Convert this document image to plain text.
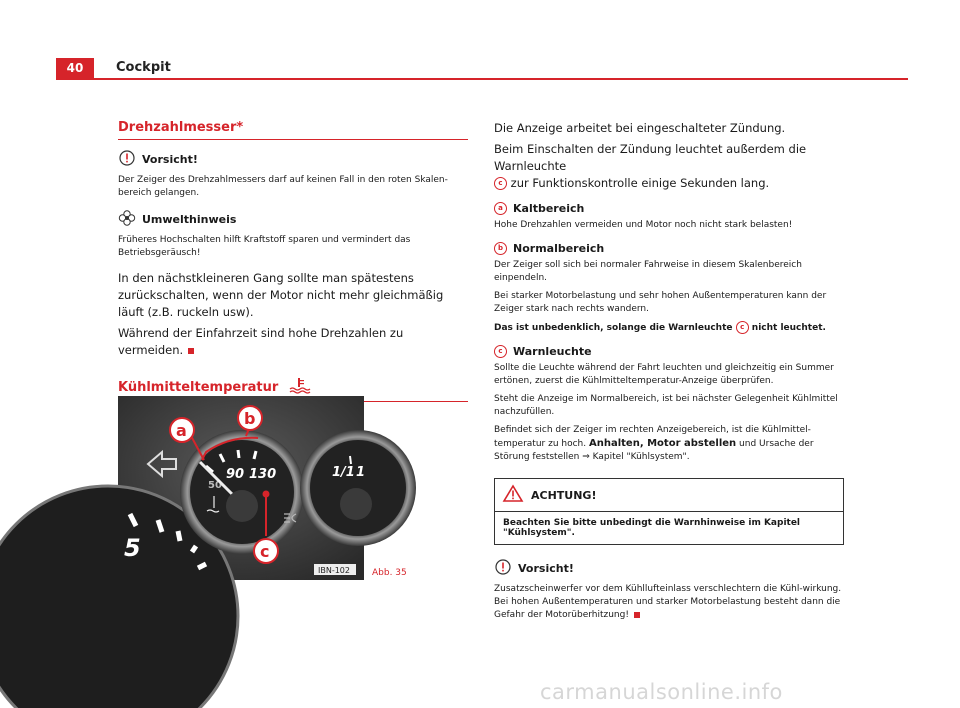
40	Cockpit
Drehzahlmesser*
Vorsicht!

Der Zeiger des Drehzahlmessers darf auf keinen Fall in den roten Skalen-bereich gelangen.

Umwelthinweis

Früheres Hochschalten hilft Kraftstoff sparen und vermindert das Betriebsgeräusch!

In den nächstkleineren Gang sollte man spätestens zurückschalten, wenn der Motor nicht mehr gleichmäßig läuft (z.B. ruckeln usw).

Während der Einfahrzeit sind hohe Drehzahlen zu vermeiden.

Kühlmitteltemperatur
5
90 130
50
a
b
c
1/1 1
IBN-102 Abb. 35

Die Anzeige arbeitet bei eingeschalteter Zündung.

Beim Einschalten der Zündung leuchtet außerdem die Warnleuchte
c zur Funktionskontrolle einige Sekunden lang.

a Kaltbereich

Hohe Drehzahlen vermeiden und Motor noch nicht stark belasten!

b Normalbereich

Der Zeiger soll sich bei normaler Fahrweise in diesem Skalenbereich einpendeln.

Bei starker Motorbelastung und sehr hohen Außentemperaturen kann der Zeiger stark nach rechts wandern.

Das ist unbedenklich, solange die Warnleuchte c nicht leuchtet.

c Warnleuchte

Sollte die Leuchte während der Fahrt leuchten und gleichzeitig ein Summer ertönen, zuerst die Kühlmitteltemperatur-Anzeige überprüfen.

Steht die Anzeige im Normalbereich, ist bei nächster Gelegenheit Kühlmittel nachzufüllen.

Befindet sich der Zeiger im rechten Anzeigebereich, ist die Kühlmittel-temperatur zu hoch. Anhalten, Motor abstellen und Ursache der Störung feststellen ⇒ Kapitel "Kühlsystem".

ACHTUNG!
Beachten Sie bitte unbedingt die Warnhinweise im Kapitel "Kühlsystem".
Vorsicht!

Zusatzscheinwerfer vor dem Kühllufteinlass verschlechtern die Kühl-wirkung. Bei hohen Außentemperaturen und starker Motorbelastung besteht dann die Gefahr der Motorüberhitzung!

carmanualsonline.info
